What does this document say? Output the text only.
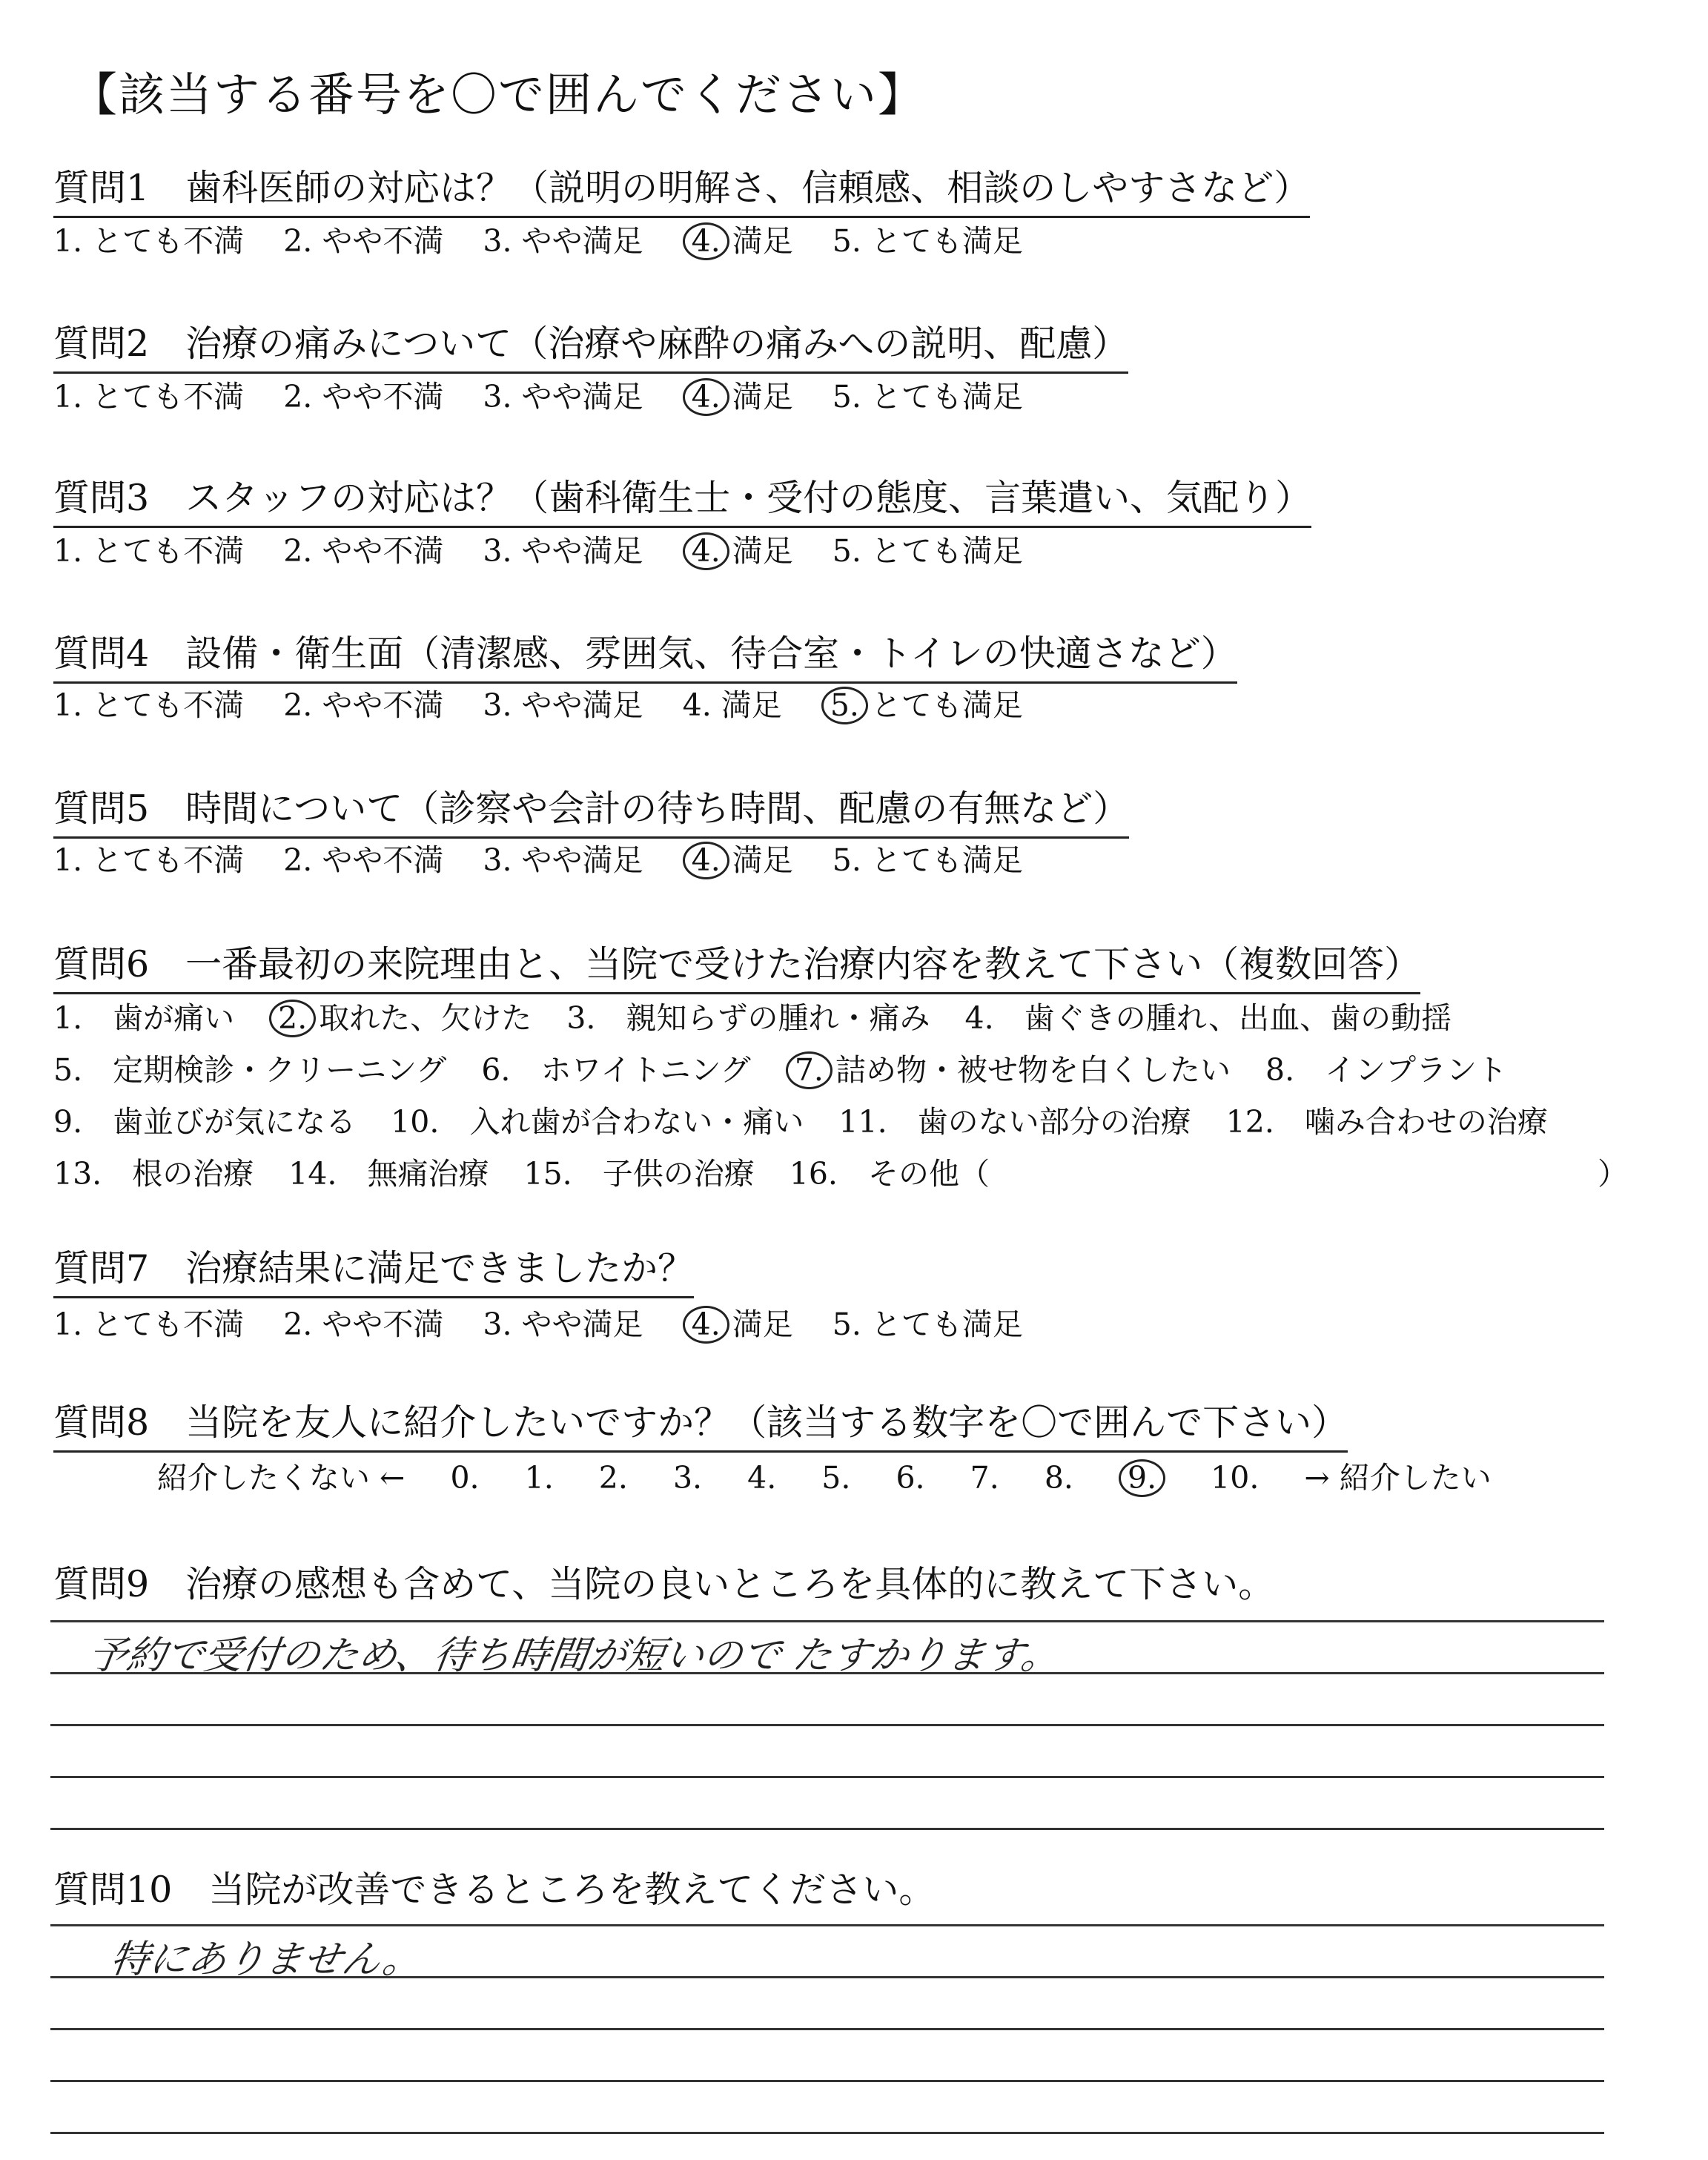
【該当する番号を〇で囲んでください】
質問1　歯科医師の対応は？（説明の明解さ、信頼感、相談のしやすさなど）
1. とても不満 2. やや不満 3. やや満足 4. 満足 5. とても満足
質問2　治療の痛みについて（治療や麻酔の痛みへの説明、配慮）
1. とても不満 2. やや不満 3. やや満足 4. 満足 5. とても満足
質問3　スタッフの対応は？（歯科衛生士・受付の態度、言葉遣い、気配り）
1. とても不満 2. やや不満 3. やや満足 4. 満足 5. とても満足
質問4　設備・衛生面（清潔感、雰囲気、待合室・トイレの快適さなど）
1. とても不満 2. やや不満 3. やや満足 4. 満足 5. とても満足
質問5　時間について（診察や会計の待ち時間、配慮の有無など）
1. とても不満 2. やや不満 3. やや満足 4. 満足 5. とても満足
質問6　一番最初の来院理由と、当院で受けた治療内容を教えて下さい（複数回答）
1.　歯が痛い 2. 取れた、欠けた 3.　親知らずの腫れ・痛み 4.　歯ぐきの腫れ、出血、歯の動揺
5.　定期検診・クリーニング 6.　ホワイトニング 7. 詰め物・被せ物を白くしたい 8.　インプラント
9.　歯並びが気になる 10.　入れ歯が合わない・痛い 11.　歯のない部分の治療 12.　噛み合わせの治療
13.　根の治療 14.　無痛治療 15.　子供の治療 16.　その他（	）
質問7　治療結果に満足できましたか？
1. とても不満 2. やや不満 3. やや満足 4. 満足 5. とても満足
質問8　当院を友人に紹介したいですか？（該当する数字を〇で囲んで下さい）
紹介したくない ← 0. 1. 2. 3. 4. 5. 6. 7. 8. 9. 10. → 紹介したい
質問9　治療の感想も含めて、当院の良いところを具体的に教えて下さい。
予約で受付のため、待ち時間が短いので たすかります。
質問10　当院が改善できるところを教えてください。
特にありません。
